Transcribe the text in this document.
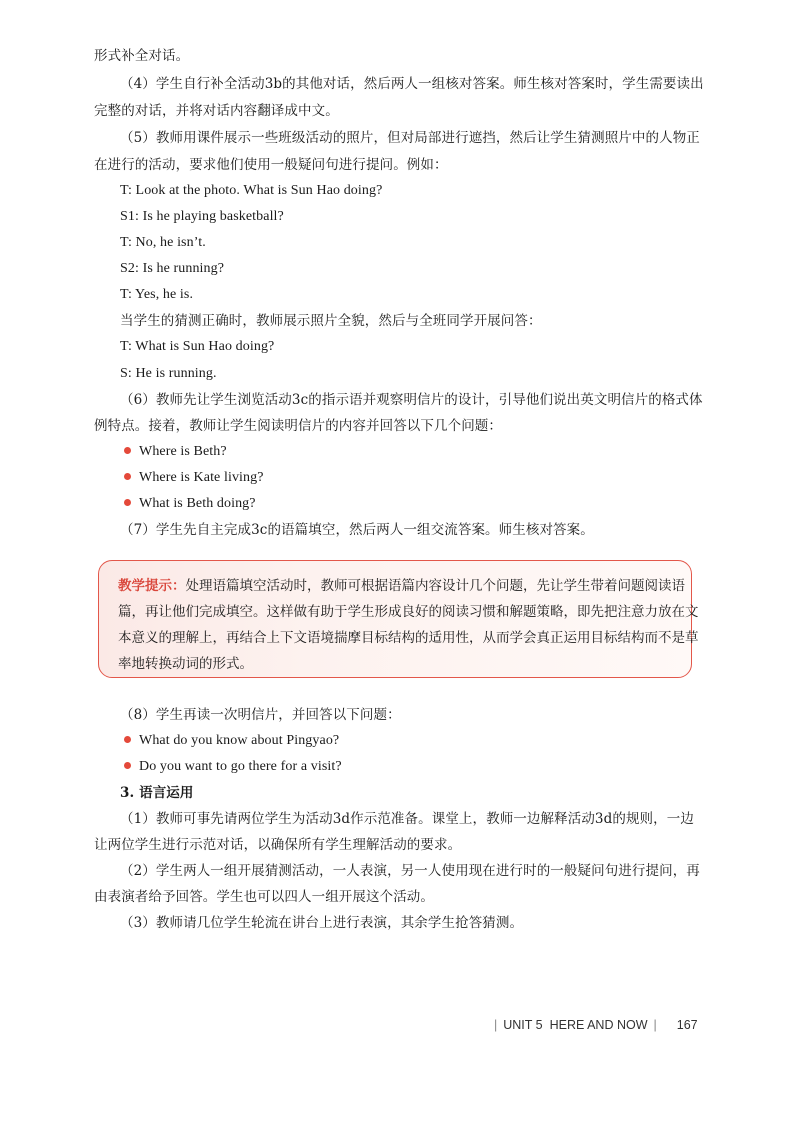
形式补全对话。
（4）学生自行补全活动3b的其他对话，然后两人一组核对答案。师生核对答案时，学生需要读出
完整的对话，并将对话内容翻译成中文。
（5）教师用课件展示一些班级活动的照片，但对局部进行遮挡，然后让学生猜测照片中的人物正
在进行的活动，要求他们使用一般疑问句进行提问。例如：
T: Look at the photo. What is Sun Hao doing?
S1: Is he playing basketball?
T: No, he isn’t.
S2: Is he running?
T: Yes, he is.
当学生的猜测正确时，教师展示照片全貌，然后与全班同学开展问答：
T: What is Sun Hao doing?
S: He is running.
（6）教师先让学生浏览活动3c的指示语并观察明信片的设计，引导他们说出英文明信片的格式体
例特点。接着，教师让学生阅读明信片的内容并回答以下几个问题：
Where is Beth?
Where is Kate living?
What is Beth doing?
（7）学生先自主完成3c的语篇填空，然后两人一组交流答案。师生核对答案。
教学提示：处理语篇填空活动时，教师可根据语篇内容设计几个问题，先让学生带着问题阅读语
篇，再让他们完成填空。这样做有助于学生形成良好的阅读习惯和解题策略，即先把注意力放在文
本意义的理解上，再结合上下文语境揣摩目标结构的适用性，从而学会真正运用目标结构而不是草
率地转换动词的形式。
（8）学生再读一次明信片，并回答以下问题：
What do you know about Pingyao?
Do you want to go there for a visit?
3. 语言运用
（1）教师可事先请两位学生为活动3d作示范准备。课堂上，教师一边解释活动3d的规则，一边
让两位学生进行示范对话，以确保所有学生理解活动的要求。
（2）学生两人一组开展猜测活动，一人表演，另一人使用现在进行时的一般疑问句进行提问，再
由表演者给予回答。学生也可以四人一组开展这个活动。
（3）教师请几位学生轮流在讲台上进行表演，其余学生抢答猜测。
| UNIT 5 HERE AND NOW | 167
